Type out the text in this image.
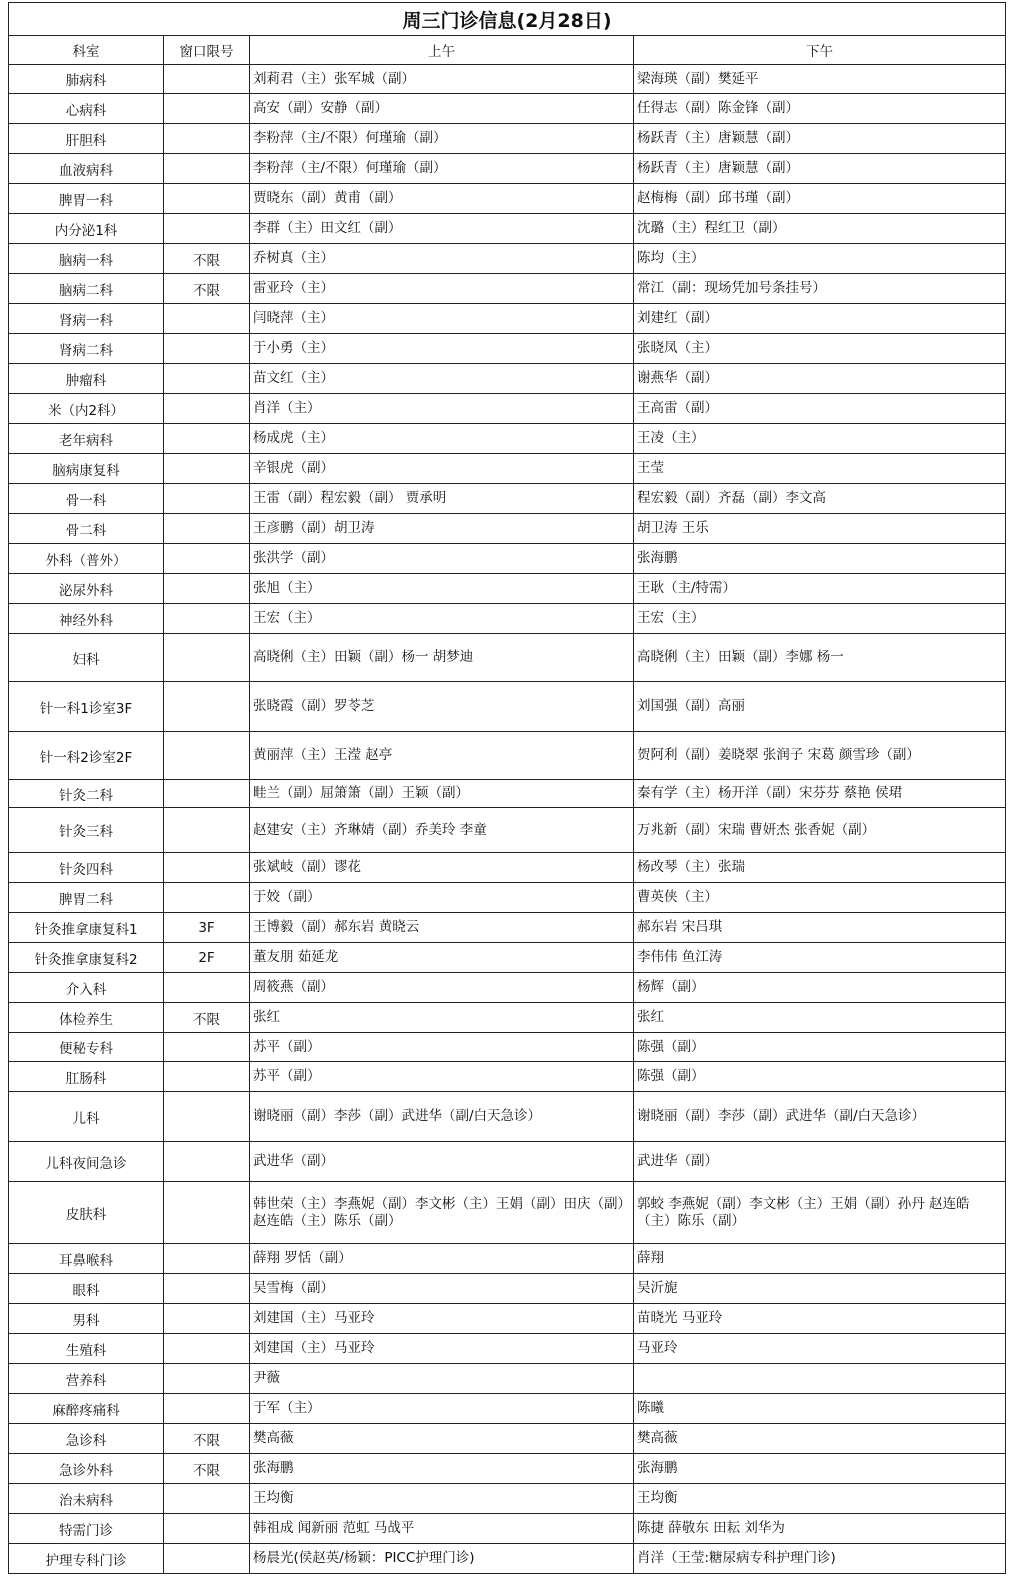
周三门诊信息(2月28日)			
科室	窗口限号	上午	下午
肺病科		刘莉君（主）张军城（副）	梁海瑛（副）樊延平
心病科		高安（副）安静（副）	任得志（副）陈金锋（副）
肝胆科		李粉萍（主/不限）何瑾瑜（副）	杨跃青（主）唐颖慧（副）
血液病科		李粉萍（主/不限）何瑾瑜（副）	杨跃青（主）唐颖慧（副）
脾胃一科		贾晓东（副）黄甫（副）	赵梅梅（副）邱书瑾（副）
内分泌1科		李群（主）田文红（副）	沈璐（主）程红卫（副）
脑病一科	不限	乔树真（主）	陈均（主）
脑病二科	不限	雷亚玲（主）	常江（副：现场凭加号条挂号）
肾病一科		闫晓萍（主）	刘建红（副）
肾病二科		于小勇（主）	张晓凤（主）
肿瘤科		苗文红（主）	谢燕华（副）
米（内2科）		肖洋（主）	王高雷（副）
老年病科		杨成虎（主）	王凌（主）
脑病康复科		辛银虎（副）	王莹
骨一科		王雷（副）程宏毅（副） 贾承明	程宏毅（副）齐磊（副）李文高
骨二科		王彦鹏（副）胡卫涛	胡卫涛 王乐
外科（普外）		张洪学（副）	张海鹏
泌尿外科		张旭（主）	王耿（主/特需）
神经外科		王宏（主）	王宏（主）
妇科		高晓俐（主）田颖（副）杨一 胡梦迪	高晓俐（主）田颖（副）李娜 杨一
针一科1诊室3F		张晓霞（副）罗苓芝	刘国强（副）高丽
针一科2诊室2F		黄丽萍（主）王滢 赵亭	贺阿利（副）姜晓翠 张润子 宋葛 颜雪珍（副）
针灸二科		畦兰（副）屈箫箫（副）王颖（副）	秦有学（主）杨开洋（副）宋芬芬 蔡艳 侯珺
针灸三科		赵建安（主）齐琳婧（副）乔美玲 李童	万兆新（副）宋瑞 曹妍杰 张香妮（副）
针灸四科		张斌岐（副）谬花	杨改琴（主）张瑞
脾胃二科		于姣（副）	曹英侠（主）
针灸推拿康复科1	3F	王博毅（副）郝东岩 黄晓云	郝东岩 宋吕琪
针灸推拿康复科2	2F	董友朋 茹延龙	李伟伟 鱼江涛
介入科		周筱燕（副）	杨辉（副）
体检养生	不限	张红	张红
便秘专科		苏平（副）	陈强（副）
肛肠科		苏平（副）	陈强（副）
儿科		谢晓丽（副）李莎（副）武进华（副/白天急诊）	谢晓丽（副）李莎（副）武进华（副/白天急诊）
儿科夜间急诊		武进华（副）	武进华（副）
皮肤科		韩世荣（主）李燕妮（副）李文彬（主）王娟（副）田庆（副）赵连皓（主）陈乐（副）	郭蛟 李燕妮（副）李文彬（主）王娟（副）孙丹 赵连皓（主）陈乐（副）
耳鼻喉科		薛翔 罗恬（副）	薛翔
眼科		吴雪梅（副）	吴沂旎
男科		刘建国（主）马亚玲	苗晓光 马亚玲
生殖科		刘建国（主）马亚玲	马亚玲
营养科		尹薇	
麻醉疼痛科		于军（主）	陈曦
急诊科	不限	樊高薇	樊高薇
急诊外科	不限	张海鹏	张海鹏
治未病科		王均衡	王均衡
特需门诊		韩祖成 闻新丽 范虹 马战平	陈捷 薛敬东 田耘 刘华为
护理专科门诊		杨晨光(侯赵英/杨颖：PICC护理门诊)	肖洋（王莹:糖尿病专科护理门诊)
